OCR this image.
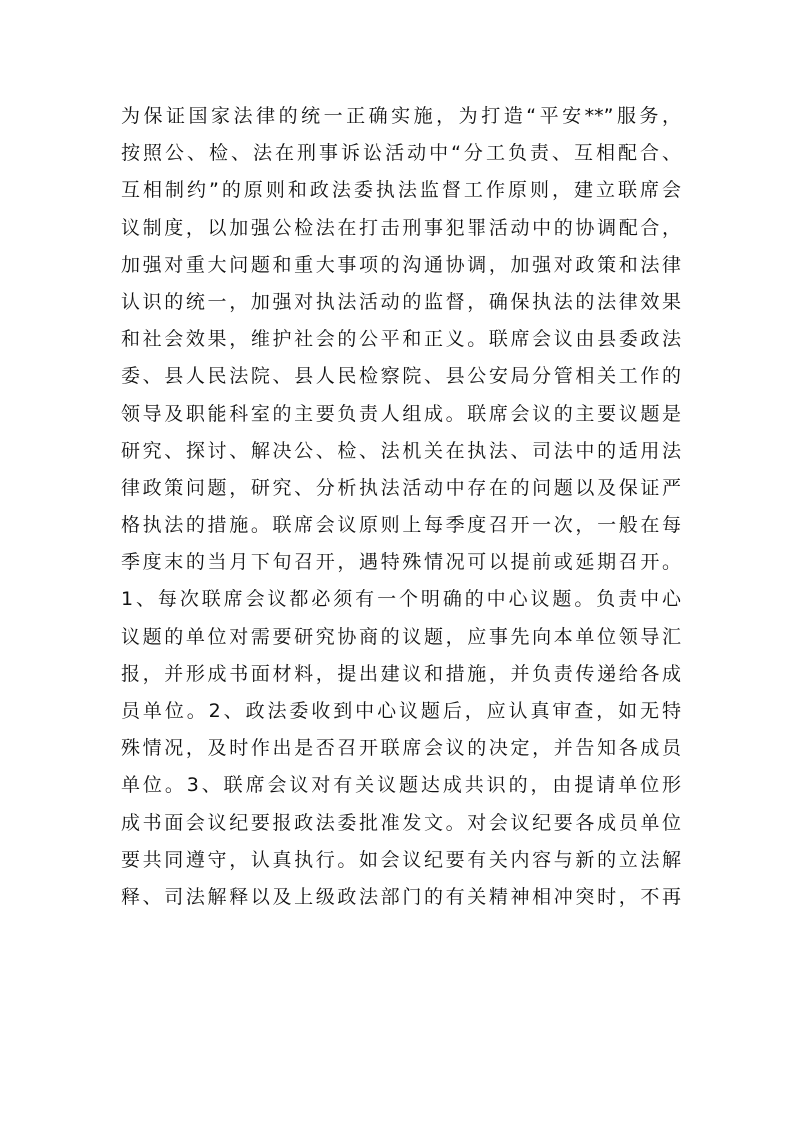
为保证国家法律的统一正确实施，为打造“平安**”服务，
按照公、检、法在刑事诉讼活动中“分工负责、互相配合、
互相制约”的原则和政法委执法监督工作原则，建立联席会
议制度，以加强公检法在打击刑事犯罪活动中的协调配合，
加强对重大问题和重大事项的沟通协调，加强对政策和法律
认识的统一，加强对执法活动的监督，确保执法的法律效果
和社会效果，维护社会的公平和正义。联席会议由县委政法
委、县人民法院、县人民检察院、县公安局分管相关工作的
领导及职能科室的主要负责人组成。联席会议的主要议题是
研究、探讨、解决公、检、法机关在执法、司法中的适用法
律政策问题，研究、分析执法活动中存在的问题以及保证严
格执法的措施。联席会议原则上每季度召开一次，一般在每
季度末的当月下旬召开，遇特殊情况可以提前或延期召开。
1、每次联席会议都必须有一个明确的中心议题。负责中心
议题的单位对需要研究协商的议题，应事先向本单位领导汇
报，并形成书面材料，提出建议和措施，并负责传递给各成
员单位。2、政法委收到中心议题后，应认真审查，如无特
殊情况，及时作出是否召开联席会议的决定，并告知各成员
单位。3、联席会议对有关议题达成共识的，由提请单位形
成书面会议纪要报政法委批准发文。对会议纪要各成员单位
要共同遵守，认真执行。如会议纪要有关内容与新的立法解
释、司法解释以及上级政法部门的有关精神相冲突时，不再
